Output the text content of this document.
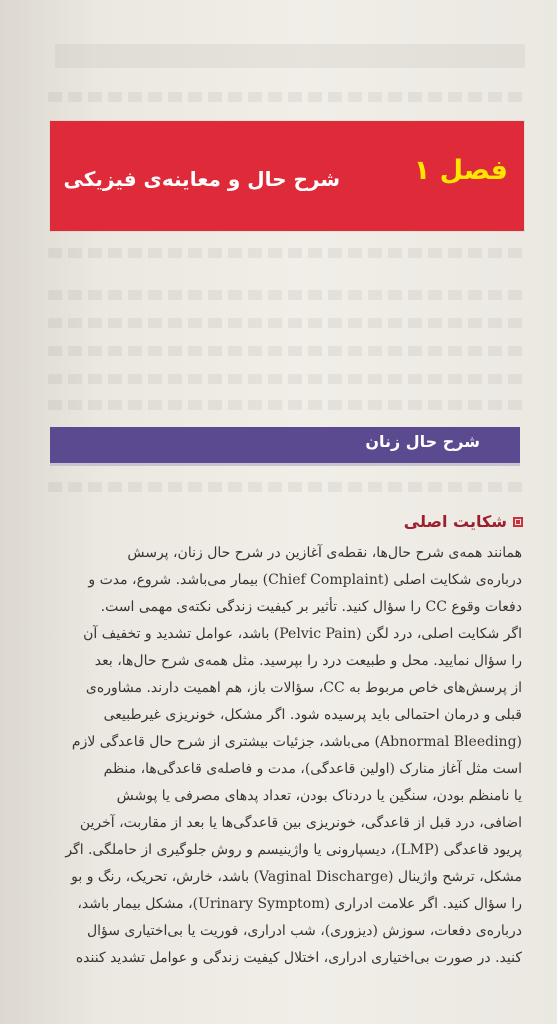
فصل ۱
شرح حال و معاینه‌ی فیزیکی
شرح حال زنان
شکایت اصلی
همانند همه‌ی شرح حال‌ها، نقطه‌ی آغازین در شرح حال زنان، پرسش
درباره‌ی شکایت اصلی (Chief Complaint) بیمار می‌باشد. شروع، مدت و
دفعات وقوع CC را سؤال کنید. تأثیر بر کیفیت زندگی نکته‌ی مهمی است.
اگر شکایت اصلی، درد لگن (Pelvic Pain) باشد، عوامل تشدید و تخفیف آن
را سؤال نمایید. محل و طبیعت درد را بپرسید. مثل همه‌ی شرح حال‌ها، بعد
از پرسش‌های خاص مربوط به CC، سؤالات باز، هم اهمیت دارند. مشاوره‌ی
قبلی و درمان احتمالی باید پرسیده شود. اگر مشکل، خونریزی غیرطبیعی
(Abnormal Bleeding) می‌باشد، جزئیات بیشتری از شرح حال قاعدگی لازم
است مثل آغاز منارک (اولین قاعدگی)، مدت و فاصله‌ی قاعدگی‌ها، منظم
یا نامنظم بودن، سنگین یا دردناک بودن، تعداد پدهای مصرفی یا پوشش
اضافی، درد قبل از قاعدگی، خونریزی بین قاعدگی‌ها یا بعد از مقاربت، آخرین
پریود قاعدگی (LMP)، دیسپارونی یا واژینیسم و روش جلوگیری از حاملگی. اگر
مشکل، ترشح واژینال (Vaginal Discharge) باشد، خارش، تحریک، رنگ و بو
را سؤال کنید. اگر علامت ادراری (Urinary Symptom)، مشکل بیمار باشد،
درباره‌ی دفعات، سوزش (دیزوری)، شب ادراری، فوریت یا بی‌اختیاری سؤال
کنید. در صورت بی‌اختیاری ادراری، اختلال کیفیت زندگی و عوامل تشدید کننده
